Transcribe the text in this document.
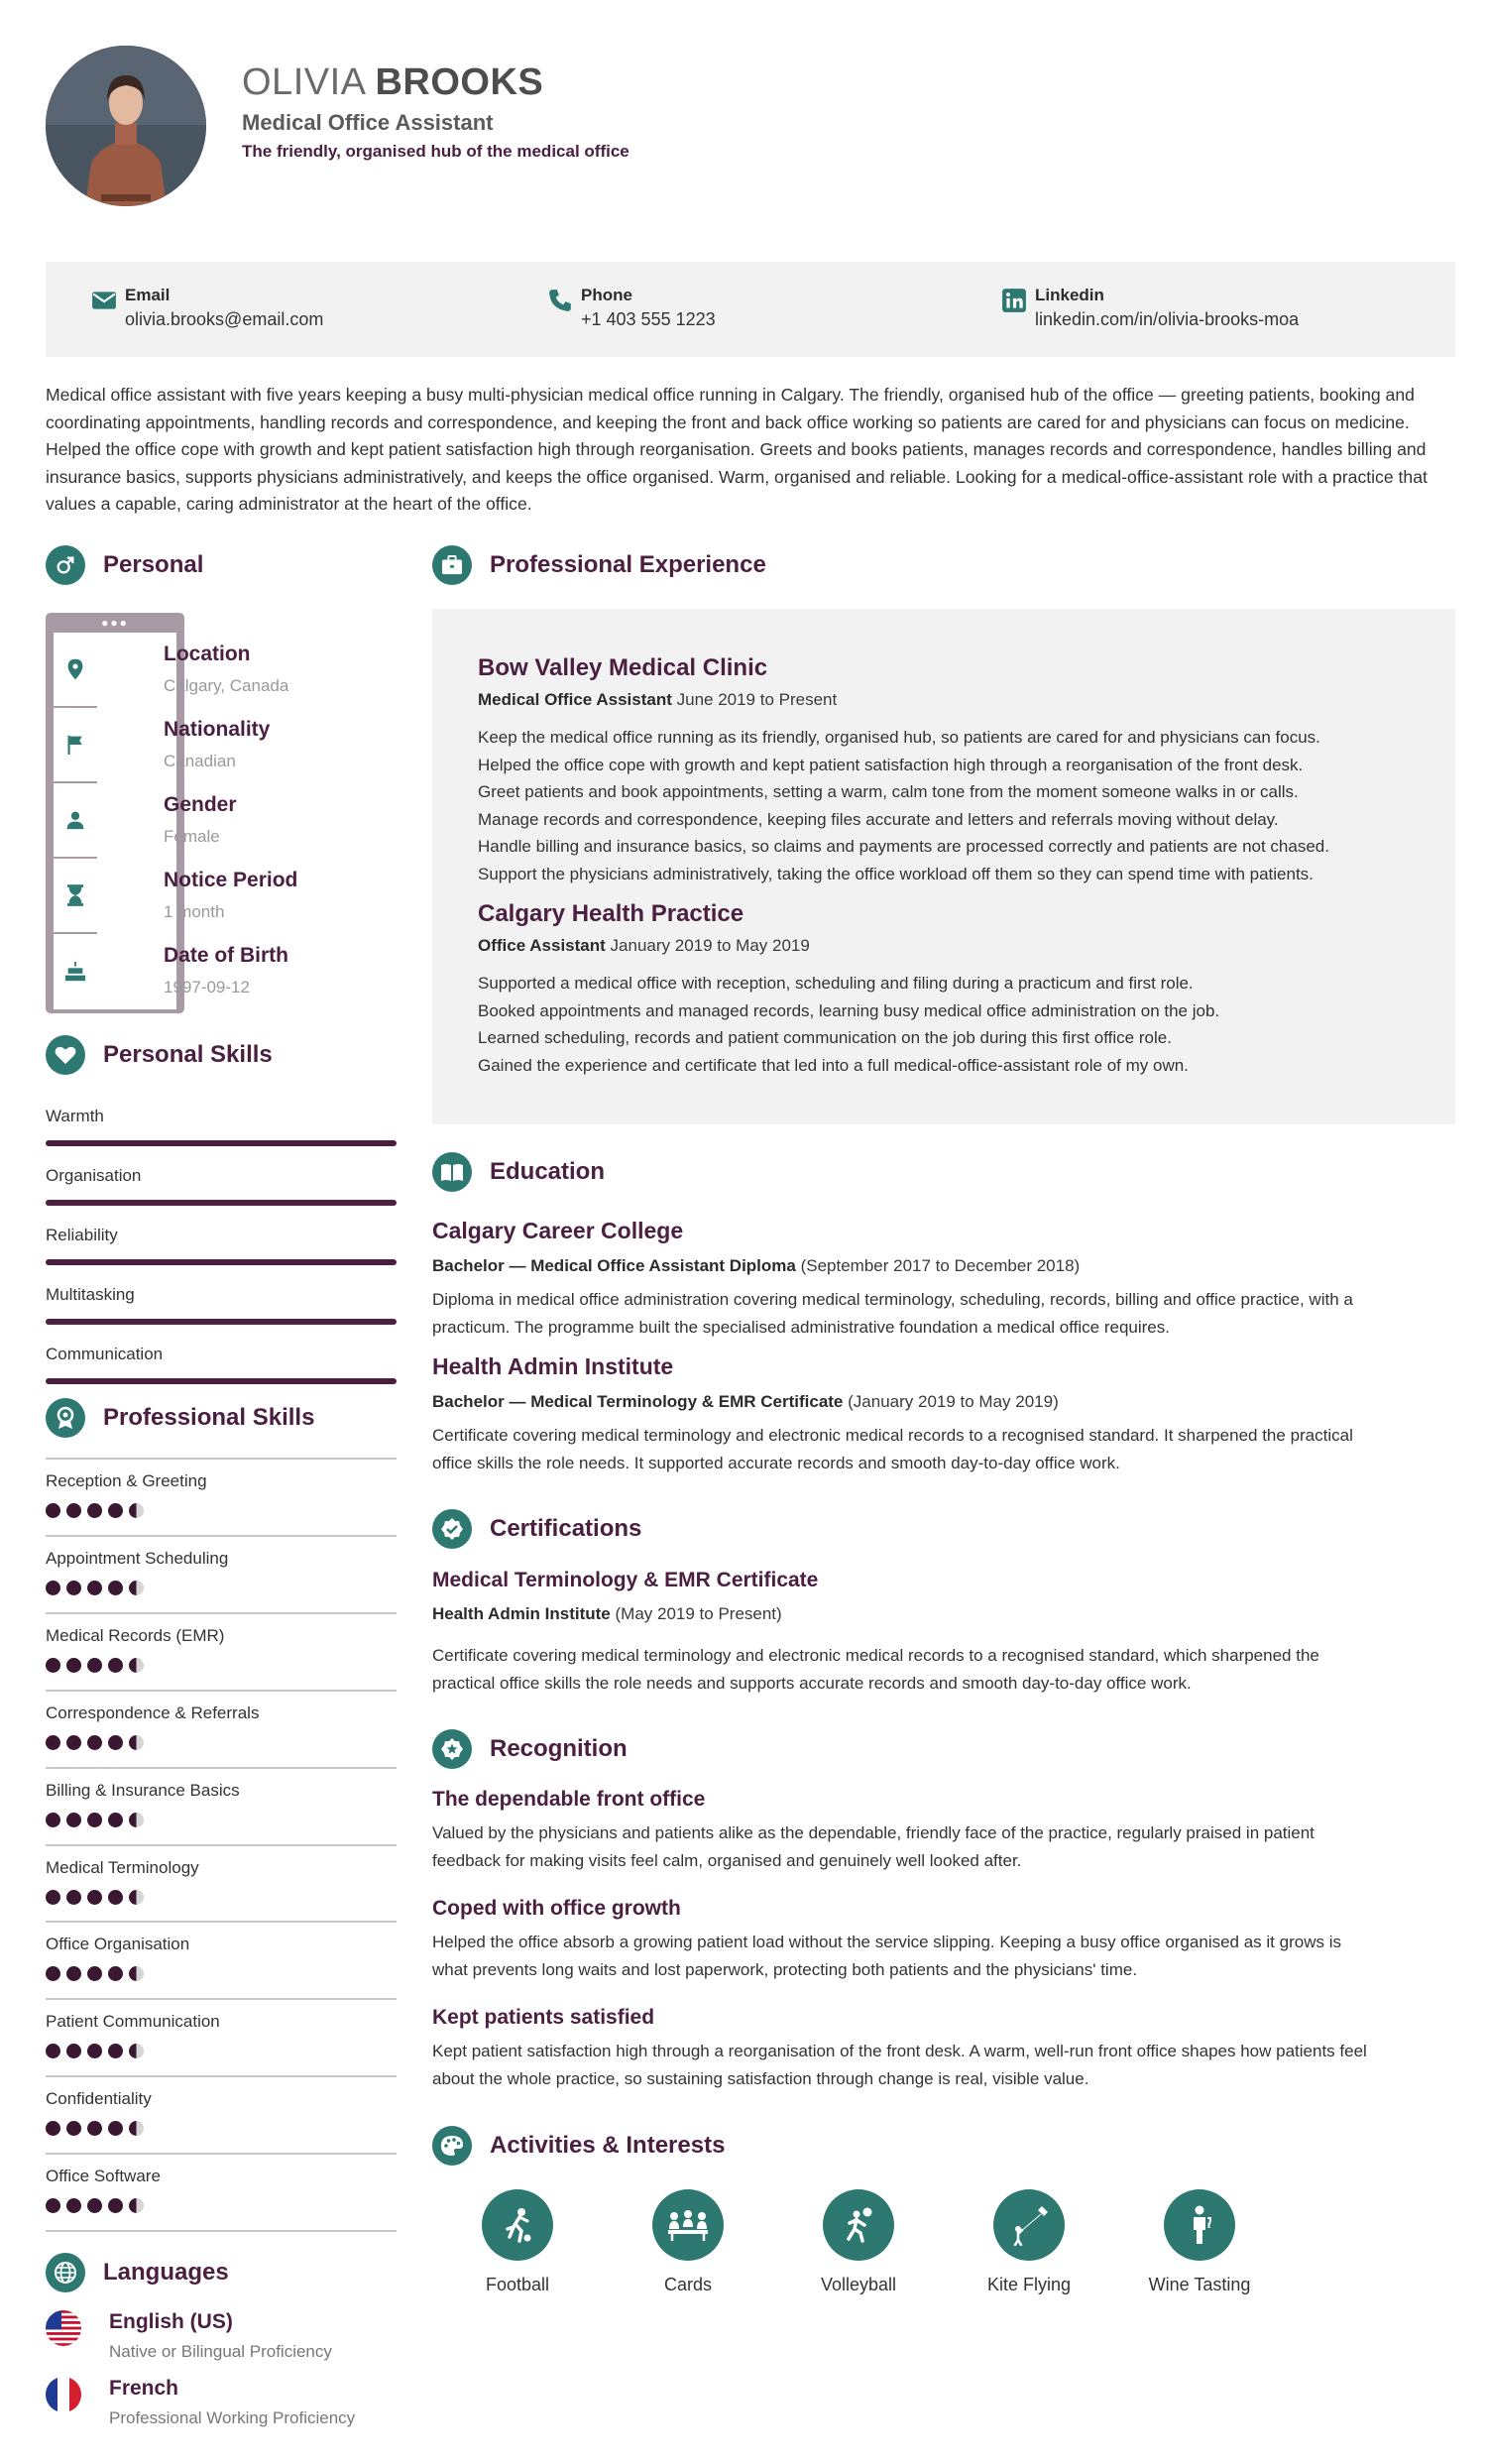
OLIVIA BROOKS
Medical Office Assistant
The friendly, organised hub of the medical office
Email
olivia.brooks@email.com
Phone
+1 403 555 1223
Linkedin
linkedin.com/in/olivia-brooks-moa
Medical office assistant with five years keeping a busy multi-physician medical office running in Calgary. The friendly, organised hub of the office — greeting patients, booking and coordinating appointments, handling records and correspondence, and keeping the front and back office working so patients are cared for and physicians can focus on medicine. Helped the office cope with growth and kept patient satisfaction high through reorganisation. Greets and books patients, manages records and correspondence, handles billing and insurance basics, supports physicians administratively, and keeps the office organised. Warm, organised and reliable. Looking for a medical-office-assistant role with a practice that values a capable, caring administrator at the heart of the office.
Personal
●●●
Location
Calgary, Canada
Nationality
Canadian
Gender
Female
Notice Period
1 month
Date of Birth
1997-09-12
Personal Skills
Warmth
Organisation
Reliability
Multitasking
Communication
Professional Skills
Reception & Greeting
Appointment Scheduling
Medical Records (EMR)
Correspondence & Referrals
Billing & Insurance Basics
Medical Terminology
Office Organisation
Patient Communication
Confidentiality
Office Software
Languages
English (US)
Native or Bilingual Proficiency
French
Professional Working Proficiency
Professional Experience
Bow Valley Medical Clinic
Medical Office Assistant June 2019 to Present
Keep the medical office running as its friendly, organised hub, so patients are cared for and physicians can focus.
Helped the office cope with growth and kept patient satisfaction high through a reorganisation of the front desk.
Greet patients and book appointments, setting a warm, calm tone from the moment someone walks in or calls.
Manage records and correspondence, keeping files accurate and letters and referrals moving without delay.
Handle billing and insurance basics, so claims and payments are processed correctly and patients are not chased.
Support the physicians administratively, taking the office workload off them so they can spend time with patients.
Calgary Health Practice
Office Assistant January 2019 to May 2019
Supported a medical office with reception, scheduling and filing during a practicum and first role.
Booked appointments and managed records, learning busy medical office administration on the job.
Learned scheduling, records and patient communication on the job during this first office role.
Gained the experience and certificate that led into a full medical-office-assistant role of my own.
Education
Calgary Career College
Bachelor — Medical Office Assistant Diploma (September 2017 to December 2018)
Diploma in medical office administration covering medical terminology, scheduling, records, billing and office practice, with a
practicum. The programme built the specialised administrative foundation a medical office requires.
Health Admin Institute
Bachelor — Medical Terminology & EMR Certificate (January 2019 to May 2019)
Certificate covering medical terminology and electronic medical records to a recognised standard. It sharpened the practical
office skills the role needs. It supported accurate records and smooth day-to-day office work.
Certifications
Medical Terminology & EMR Certificate
Health Admin Institute (May 2019 to Present)
Certificate covering medical terminology and electronic medical records to a recognised standard, which sharpened the
practical office skills the role needs and supports accurate records and smooth day-to-day office work.
Recognition
The dependable front office
Valued by the physicians and patients alike as the dependable, friendly face of the practice, regularly praised in patient
feedback for making visits feel calm, organised and genuinely well looked after.
Coped with office growth
Helped the office absorb a growing patient load without the service slipping. Keeping a busy office organised as it grows is
what prevents long waits and lost paperwork, protecting both patients and the physicians' time.
Kept patients satisfied
Kept patient satisfaction high through a reorganisation of the front desk. A warm, well-run front office shapes how patients feel
about the whole practice, so sustaining satisfaction through change is real, visible value.
Activities & Interests
Football	Cards	Volleyball	Kite Flying	Wine Tasting
